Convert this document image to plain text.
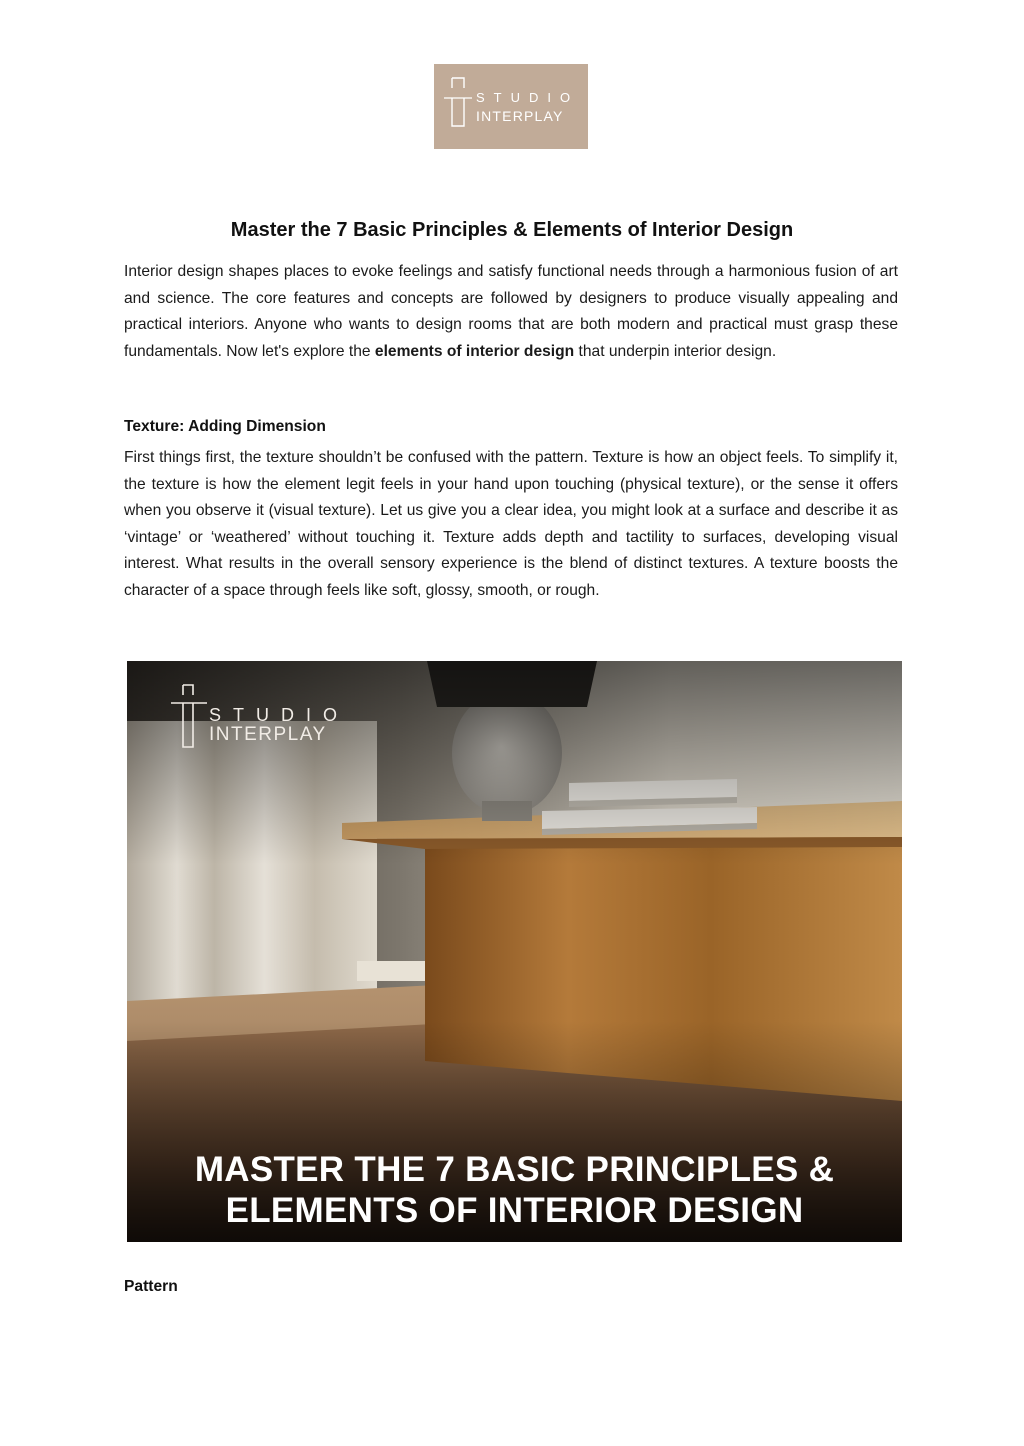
STUDIO
INTERPLAY
Master the 7 Basic Principles & Elements of Interior Design
Interior design shapes places to evoke feelings and satisfy functional needs through a harmonious fusion of art and science. The core features and concepts are followed by designers to produce visually appealing and practical interiors. Anyone who wants to design rooms that are both modern and practical must grasp these fundamentals. Now let's explore the elements of interior design that underpin interior design.
Texture: Adding Dimension
First things first, the texture shouldn’t be confused with the pattern. Texture is how an object feels. To simplify it, the texture is how the element legit feels in your hand upon touching (physical texture), or the sense it offers when you observe it (visual texture). Let us give you a clear idea, you might look at a surface and describe it as ‘vintage’ or ‘weathered’ without touching it. Texture adds depth and tactility to surfaces, developing visual interest. What results in the overall sensory experience is the blend of distinct textures. A texture boosts the character of a space through feels like soft, glossy, smooth, or rough.
STUDIO
INTERPLAY
MASTER THE 7 BASIC PRINCIPLES &
ELEMENTS OF INTERIOR DESIGN
Pattern
